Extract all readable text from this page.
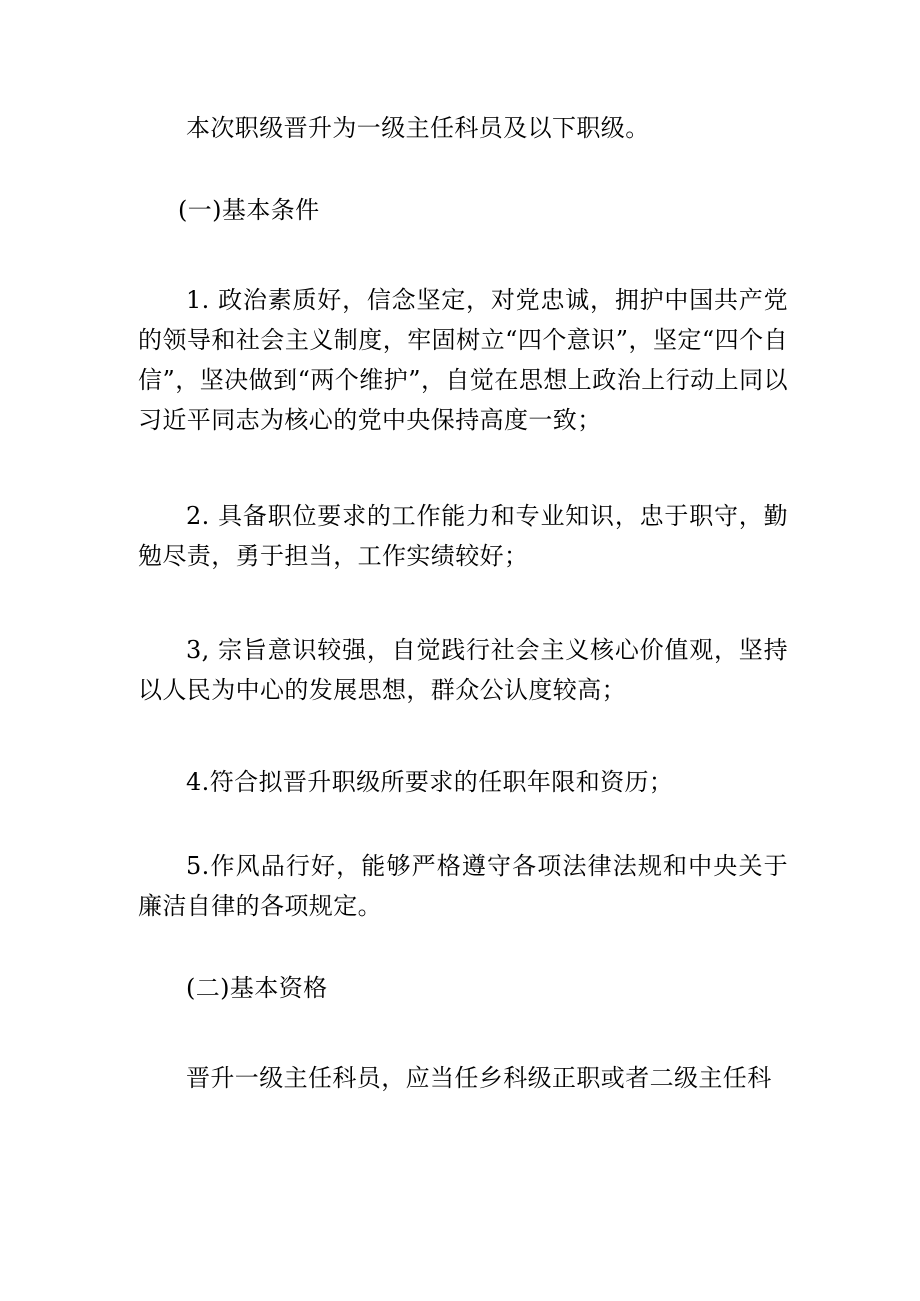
本次职级晋升为一级主任科员及以下职级。

(一)基本条件

1. 政治素质好，信念坚定，对党忠诚，拥护中国共产党的领导和社会主义制度，牢固树立“四个意识”，坚定“四个自信”，坚决做到“两个维护”，自觉在思想上政治上行动上同以习近平同志为核心的党中央保持高度一致；

2. 具备职位要求的工作能力和专业知识，忠于职守，勤勉尽责，勇于担当，工作实绩较好；

3, 宗旨意识较强，自觉践行社会主义核心价值观，坚持以人民为中心的发展思想，群众公认度较高；

4.符合拟晋升职级所要求的任职年限和资历；

5.作风品行好，能够严格遵守各项法律法规和中央关于廉洁自律的各项规定。

(二)基本资格

晋升一级主任科员，应当任乡科级正职或者二级主任科
